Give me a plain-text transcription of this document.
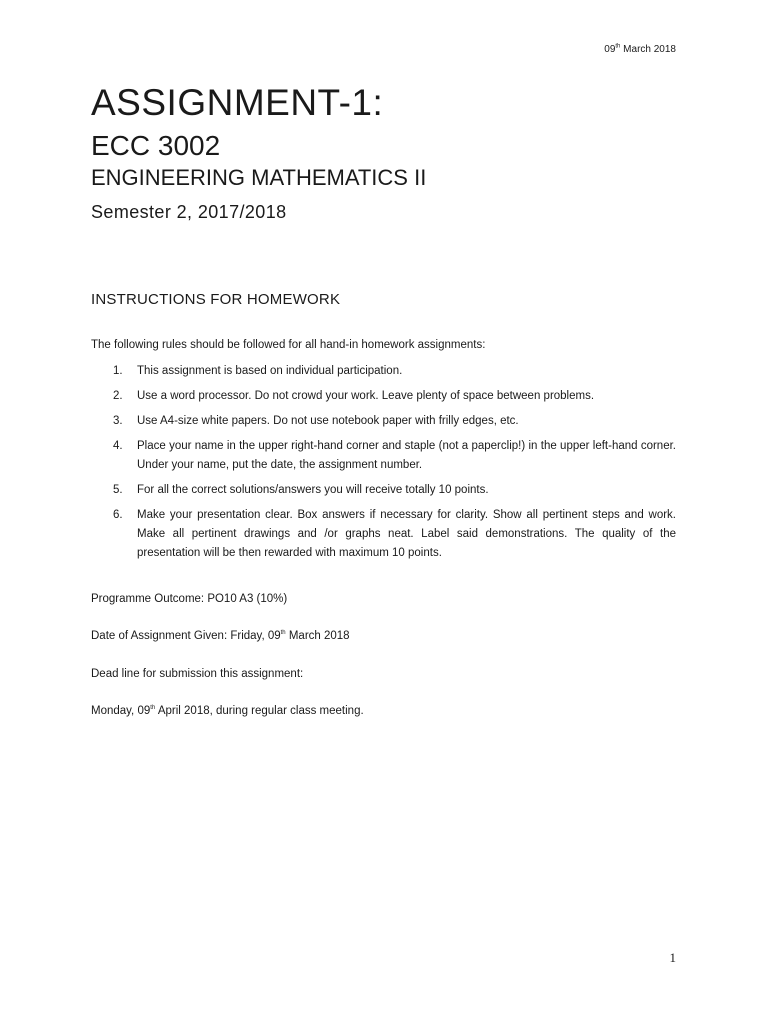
09th March 2018
ASSIGNMENT-1:
ECC 3002
ENGINEERING MATHEMATICS II
Semester 2, 2017/2018
INSTRUCTIONS FOR HOMEWORK
The following rules should be followed for all hand-in homework assignments:
1. This assignment is based on individual participation.
2. Use a word processor. Do not crowd your work. Leave plenty of space between problems.
3. Use A4-size white papers. Do not use notebook paper with frilly edges, etc.
4. Place your name in the upper right-hand corner and staple (not a paperclip!) in the upper left-hand corner. Under your name, put the date, the assignment number.
5. For all the correct solutions/answers you will receive totally 10 points.
6. Make your presentation clear. Box answers if necessary for clarity. Show all pertinent steps and work. Make all pertinent drawings and /or graphs neat. Label said demonstrations. The quality of the presentation will be then rewarded with maximum 10 points.
Programme Outcome: PO10 A3 (10%)
Date of Assignment Given: Friday, 09th March 2018
Dead line for submission this assignment:
Monday, 09th April 2018, during regular class meeting.
1
